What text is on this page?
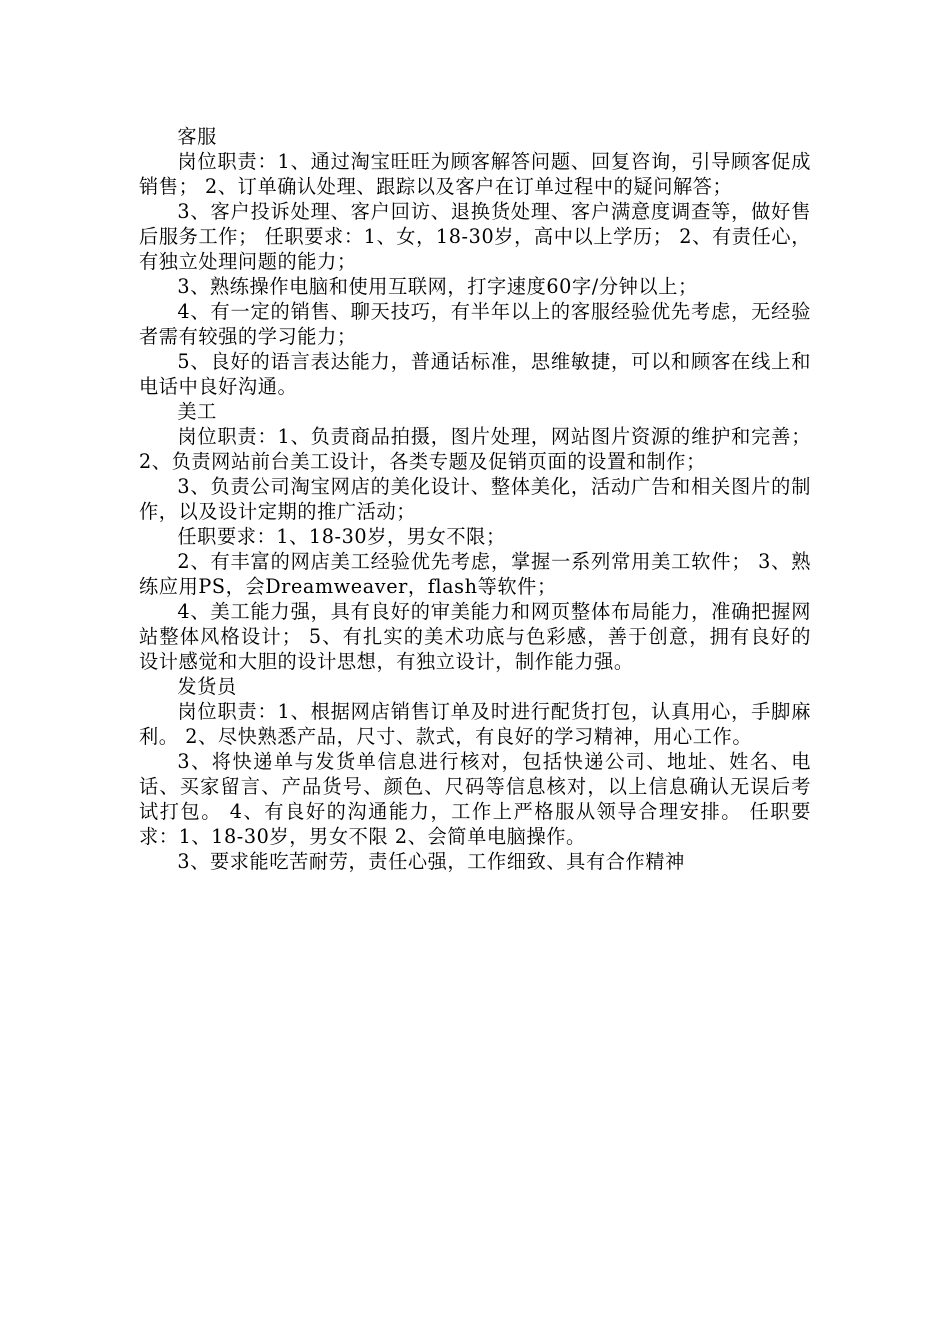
客服

岗位职责：1、通过淘宝旺旺为顾客解答问题、回复咨询，引导顾客促成销售； 2、订单确认处理、跟踪以及客户在订单过程中的疑问解答；

3、客户投诉处理、客户回访、退换货处理、客户满意度调查等，做好售后服务工作； 任职要求：1、女，18-30岁，高中以上学历； 2、有责任心，有独立处理问题的能力；

3、熟练操作电脑和使用互联网，打字速度60字/分钟以上；

4、有一定的销售、聊天技巧，有半年以上的客服经验优先考虑，无经验者需有较强的学习能力；

5、良好的语言表达能力，普通话标准，思维敏捷，可以和顾客在线上和电话中良好沟通。

美工

岗位职责：1、负责商品拍摄，图片处理，网站图片资源的维护和完善； 2、负责网站前台美工设计，各类专题及促销页面的设置和制作；

3、负责公司淘宝网店的美化设计、整体美化，活动广告和相关图片的制作，以及设计定期的推广活动；

任职要求：1、18-30岁，男女不限；

2、有丰富的网店美工经验优先考虑，掌握一系列常用美工软件； 3、熟练应用PS，会Dreamweaver，flash等软件；

4、美工能力强，具有良好的审美能力和网页整体布局能力，准确把握网站整体风格设计； 5、有扎实的美术功底与色彩感，善于创意，拥有良好的设计感觉和大胆的设计思想，有独立设计，制作能力强。

发货员

岗位职责：1、根据网店销售订单及时进行配货打包，认真用心，手脚麻利。 2、尽快熟悉产品，尺寸、款式，有良好的学习精神，用心工作。

3、将快递单与发货单信息进行核对，包括快递公司、地址、姓名、电话、买家留言、产品货号、颜色、尺码等信息核对，以上信息确认无误后考试打包。 4、有良好的沟通能力，工作上严格服从领导合理安排。 任职要求：1、18-30岁，男女不限 2、会简单电脑操作。

3、要求能吃苦耐劳，责任心强，工作细致、具有合作精神
